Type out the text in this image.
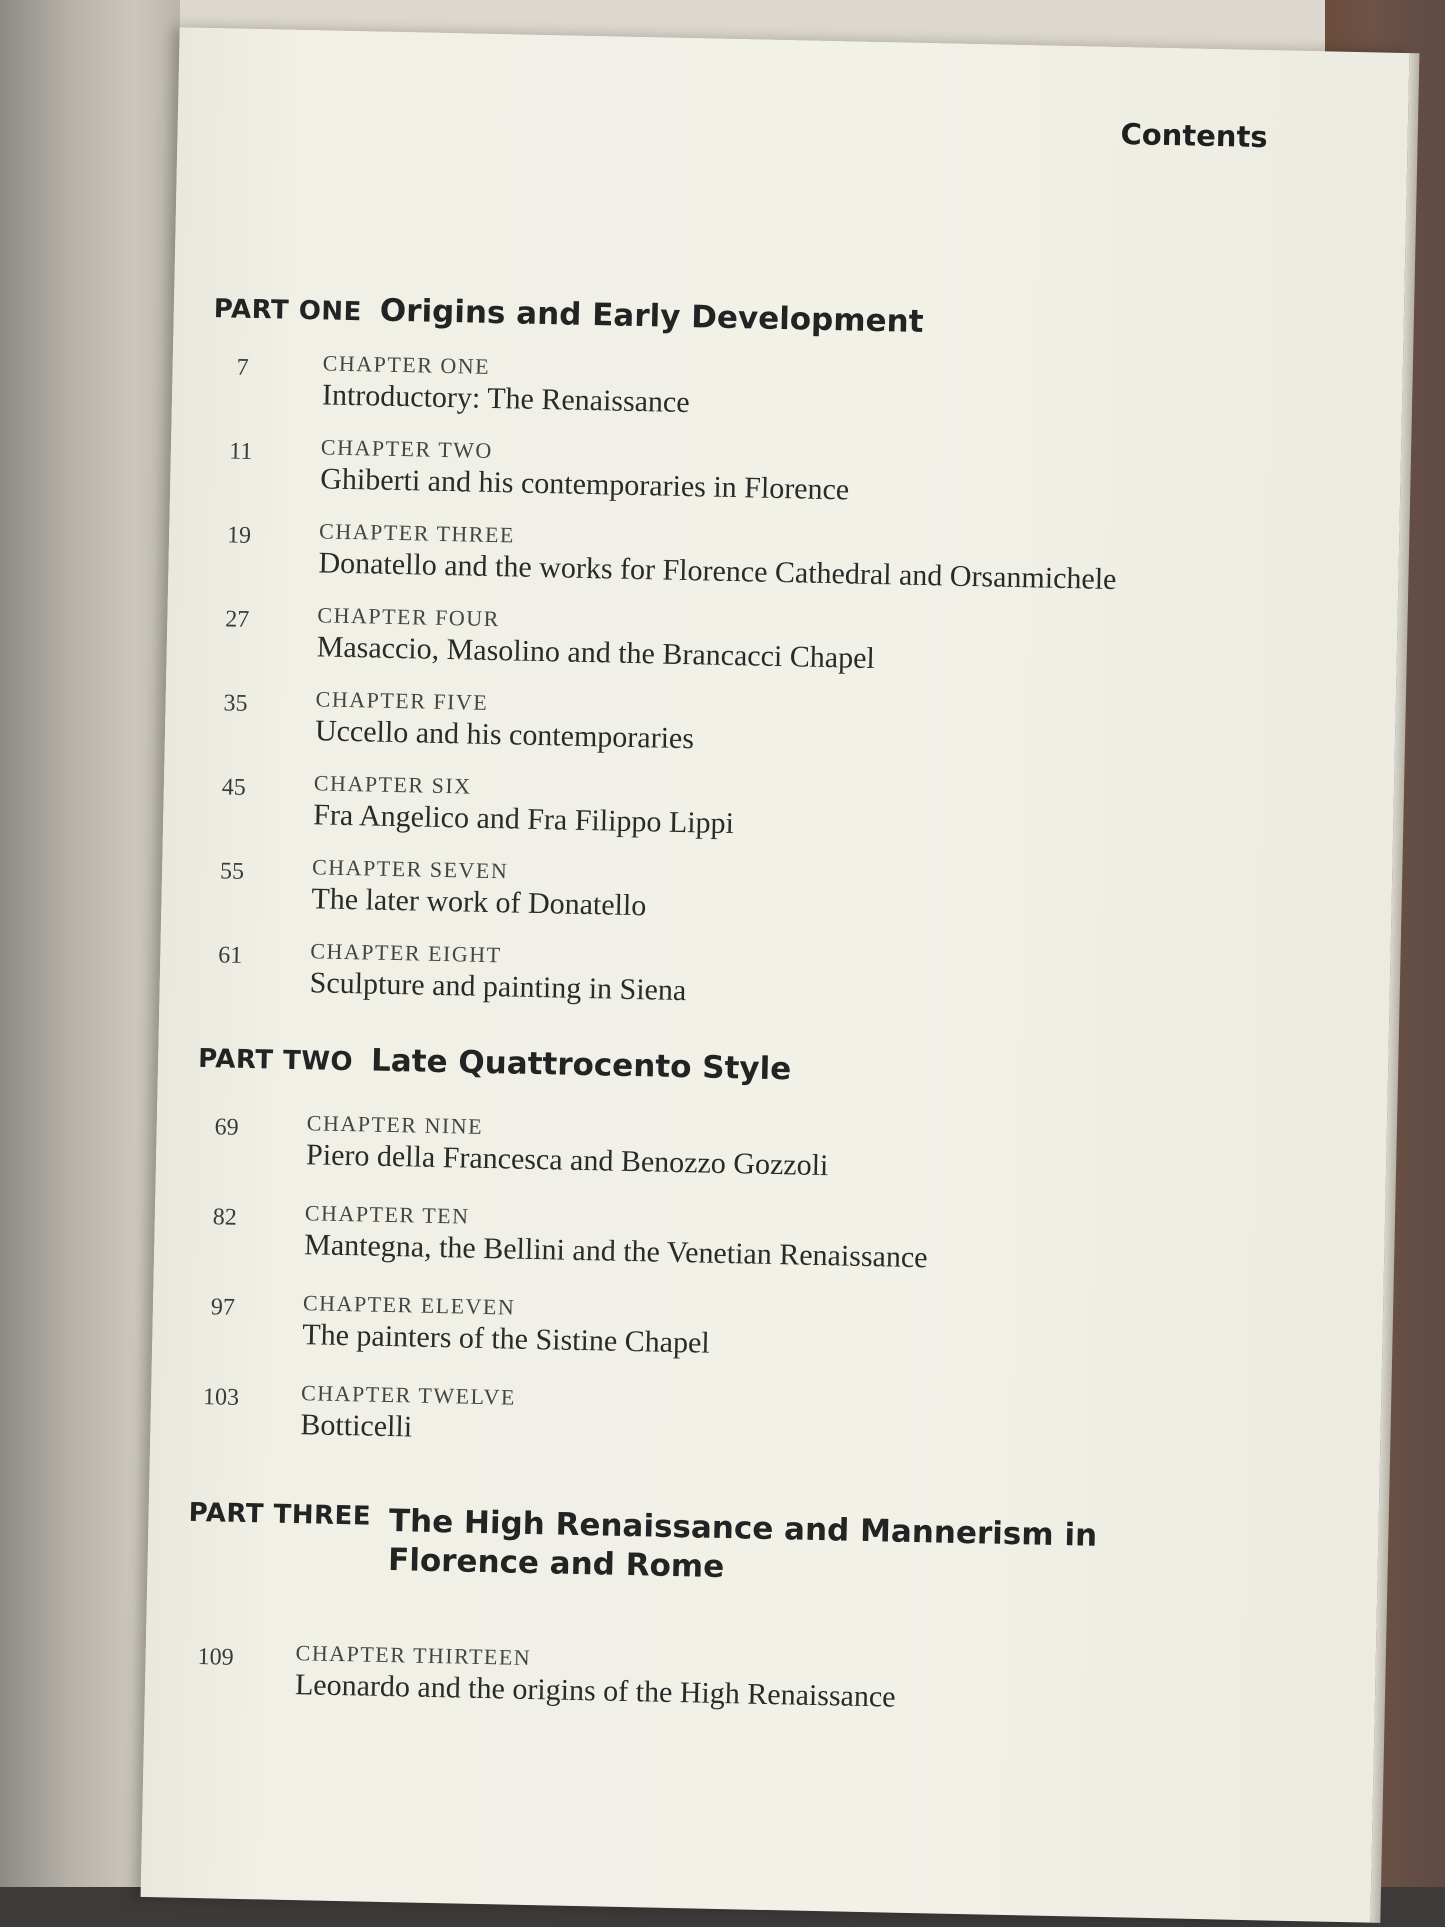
Contents
PART ONE Origins and Early Development
7	CHAPTER ONE
Introductory: The Renaissance
11	CHAPTER TWO
Ghiberti and his contemporaries in Florence
19	CHAPTER THREE
Donatello and the works for Florence Cathedral and Orsanmichele
27	CHAPTER FOUR
Masaccio, Masolino and the Brancacci Chapel
35	CHAPTER FIVE
Uccello and his contemporaries
45	CHAPTER SIX
Fra Angelico and Fra Filippo Lippi
55	CHAPTER SEVEN
The later work of Donatello
61	CHAPTER EIGHT
Sculpture and painting in Siena
PART TWO Late Quattrocento Style
69	CHAPTER NINE
Piero della Francesca and Benozzo Gozzoli
82	CHAPTER TEN
Mantegna, the Bellini and the Venetian Renaissance
97	CHAPTER ELEVEN
The painters of the Sistine Chapel
103	CHAPTER TWELVE
Botticelli
PART THREE The High Renaissance and Mannerism in Florence and Rome
109	CHAPTER THIRTEEN
Leonardo and the origins of the High Renaissance
